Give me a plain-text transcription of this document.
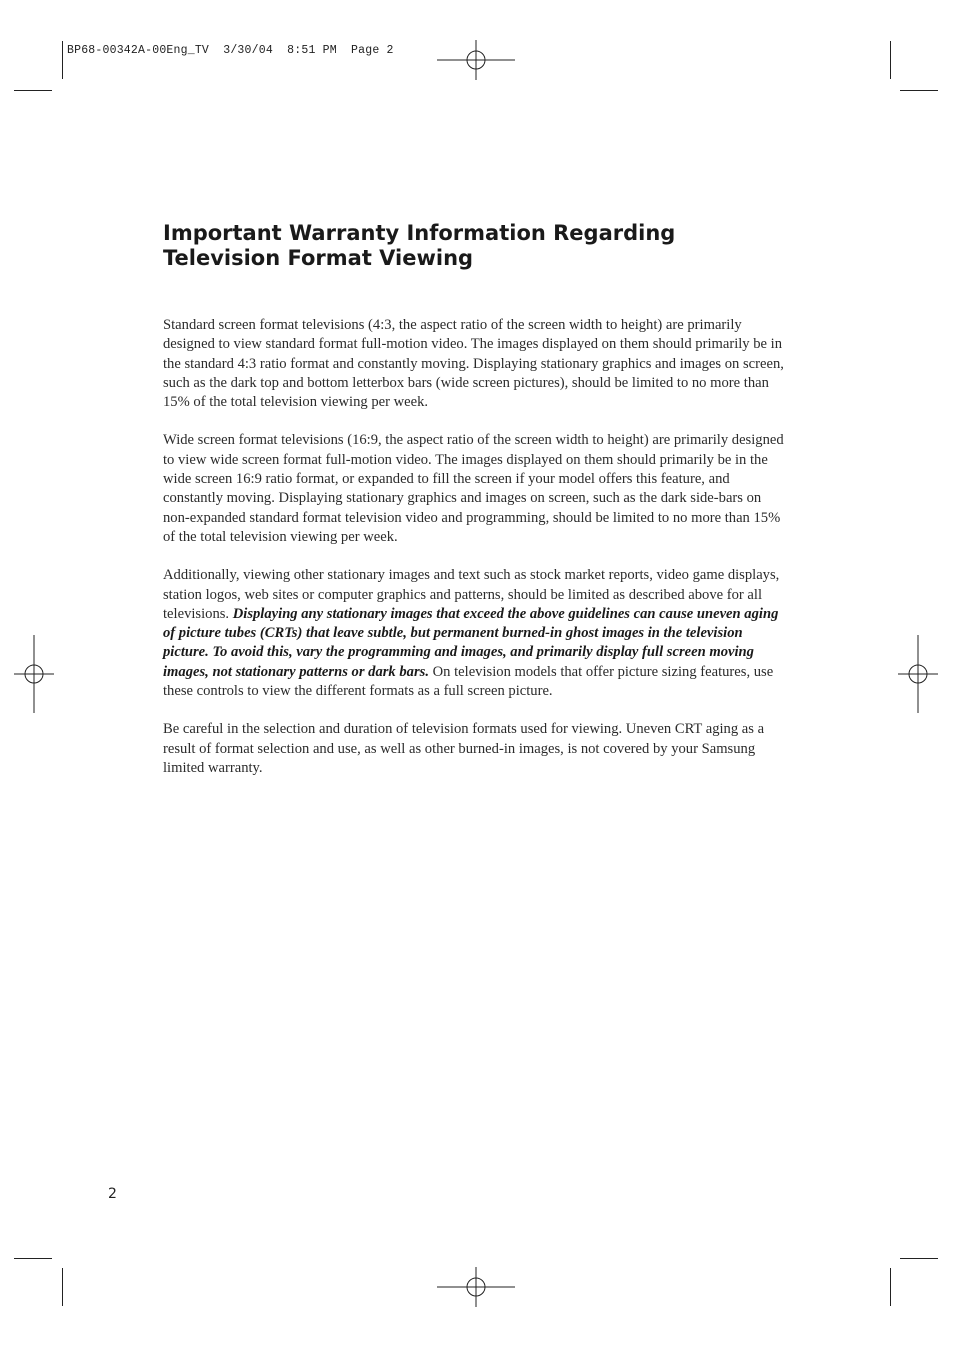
BP68-00342A-00Eng_TV  3/30/04  8:51 PM  Page 2
Important Warranty Information Regarding
Television Format Viewing

Standard screen format televisions (4:3, the aspect ratio of the screen width to height) are primarily designed to view standard format full-motion video. The images displayed on them should primarily be in the standard 4:3 ratio format and constantly moving. Displaying stationary graphics and images on screen, such as the dark top and bottom letterbox bars (wide screen pictures), should be limited to no more than 15% of the total television viewing per week.

Wide screen format televisions (16:9, the aspect ratio of the screen width to height) are primarily designed to view wide screen format full-motion video. The images displayed on them should primarily be in the wide screen 16:9 ratio format, or expanded to fill the screen if your model offers this feature, and constantly moving. Displaying stationary graphics and images on screen, such as the dark side-bars on non-expanded standard format television video and programming, should be limited to no more than 15% of the total television viewing per week.

Additionally, viewing other stationary images and text such as stock market reports, video game displays, station logos, web sites or computer graphics and patterns, should be limited as described above for all televisions. Displaying any stationary images that exceed the above guidelines can cause uneven aging of picture tubes (CRTs) that leave subtle, but permanent burned-in ghost images in the television picture. To avoid this, vary the programming and images, and primarily display full screen moving images, not stationary patterns or dark bars. On television models that offer picture sizing features, use these controls to view the different formats as a full screen picture.

Be careful in the selection and duration of television formats used for viewing. Uneven CRT aging as a result of format selection and use, as well as other burned-in images, is not covered by your Samsung limited warranty.

2
